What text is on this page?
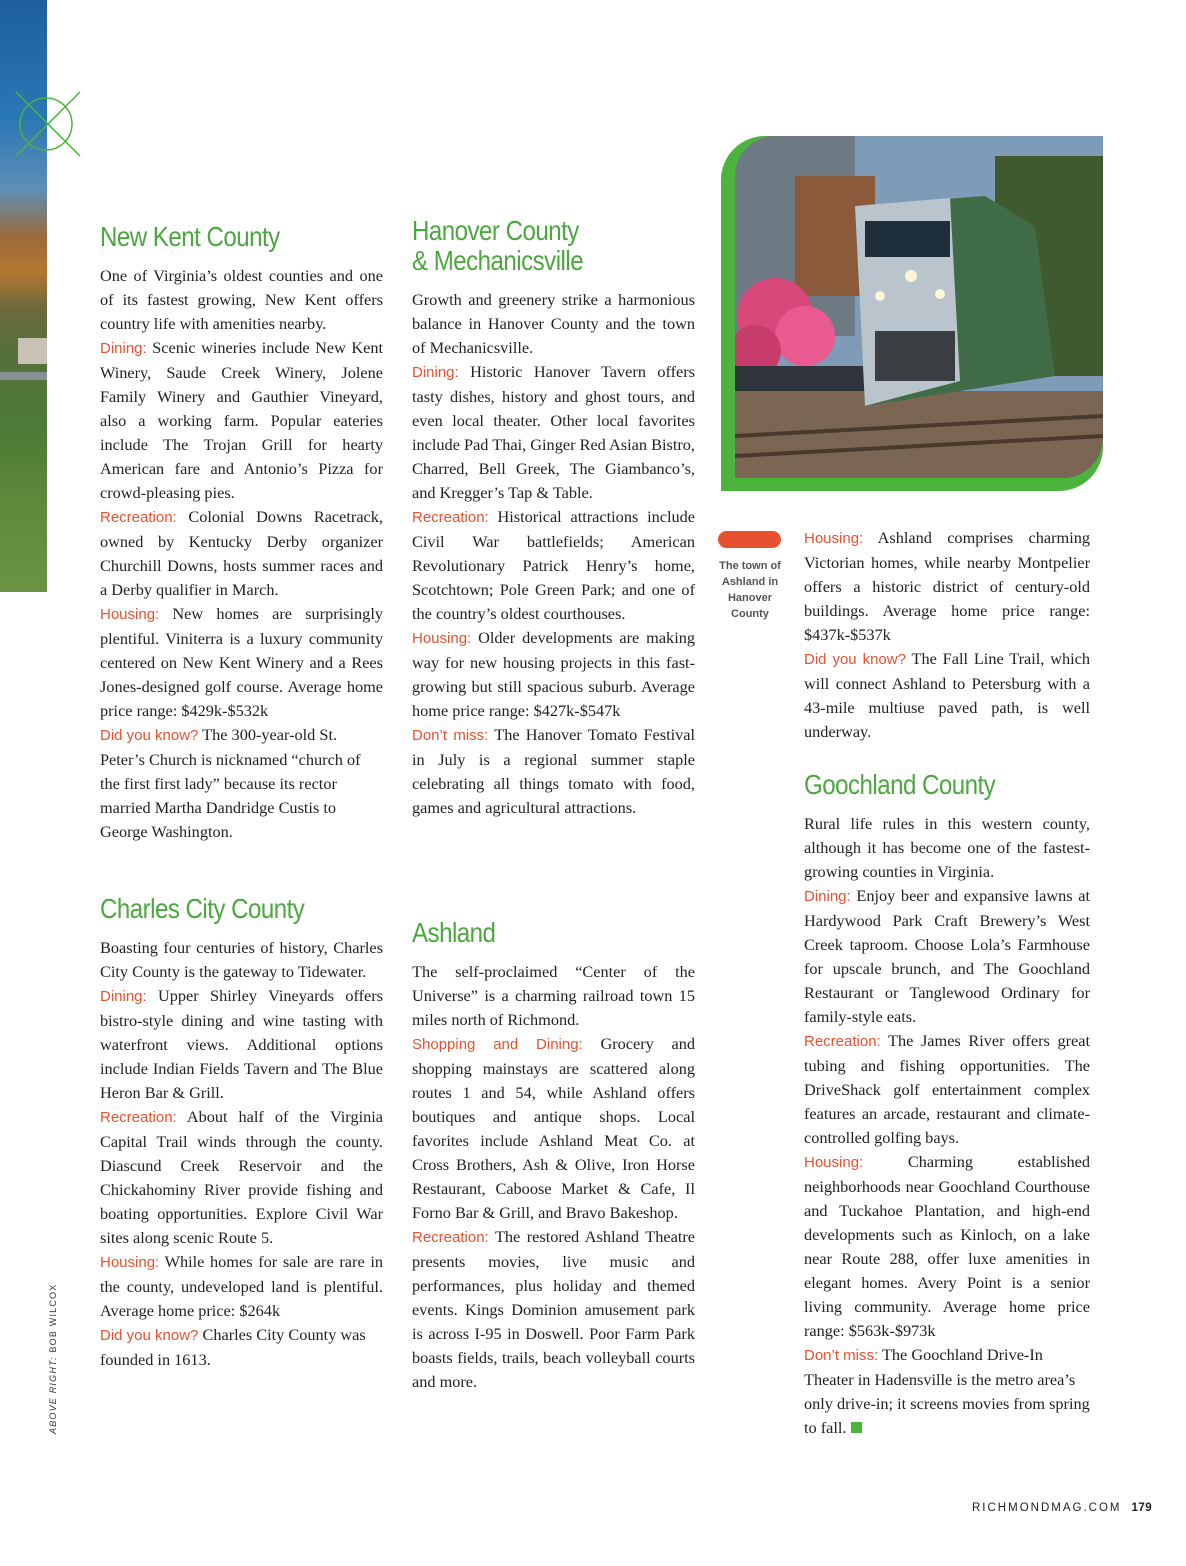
ABOVE RIGHT: BOB WILCOX
New Kent County

One of Virginia’s oldest counties and one of its fastest growing, New Kent offers country life with amenities nearby.

Dining: Scenic wineries include New Kent Winery, Saude Creek Winery, Jolene Family Winery and Gauthier Vineyard, also a working farm. Popular eateries include The Trojan Grill for hearty American fare and Antonio’s Pizza for crowd-pleasing pies.

Recreation: Colonial Downs Racetrack, owned by Kentucky Derby organizer Churchill Downs, hosts summer races and a Derby qualifier in March.

Housing: New homes are surprisingly plentiful. Viniterra is a luxury community centered on New Kent Winery and a Rees Jones-designed golf course. Average home price range: $429k-$532k

Did you know? The 300-year-old St. Peter’s Church is nicknamed “church of the first first lady” because its rector married Martha Dandridge Custis to George Washington.

Charles City County

Boasting four centuries of history, Charles City County is the gateway to Tidewater.

Dining: Upper Shirley Vineyards offers bistro-style dining and wine tasting with waterfront views. Additional options include Indian Fields Tavern and The Blue Heron Bar & Grill.

Recreation: About half of the Virginia Capital Trail winds through the county. Diascund Creek Reservoir and the Chickahominy River provide fishing and boating opportunities. Explore Civil War sites along scenic Route 5.

Housing: While homes for sale are rare in the county, undeveloped land is plentiful. Average home price: $264k

Did you know? Charles City County was founded in 1613.

Hanover County
& Mechanicsville

Growth and greenery strike a harmonious balance in Hanover County and the town of Mechanicsville.

Dining: Historic Hanover Tavern offers tasty dishes, history and ghost tours, and even local theater. Other local favorites include Pad Thai, Ginger Red Asian Bistro, Charred, Bell Greek, The Giambanco’s, and Kregger’s Tap & Table.

Recreation: Historical attractions include Civil War battlefields; American Revolutionary Patrick Henry’s home, Scotchtown; Pole Green Park; and one of the country’s oldest courthouses.

Housing: Older developments are making way for new housing projects in this fast-growing but still spacious suburb. Average home price range: $427k-$547k

Don’t miss: The Hanover Tomato Festival in July is a regional summer staple celebrating all things tomato with food, games and agricultural attractions.

Ashland

The self-proclaimed “Center of the Universe” is a charming railroad town 15 miles north of Richmond.

Shopping and Dining: Grocery and shopping mainstays are scattered along routes 1 and 54, while Ashland offers boutiques and antique shops. Local favorites include Ashland Meat Co. at Cross Brothers, Ash & Olive, Iron Horse Restaurant, Caboose Market & Cafe, Il Forno Bar & Grill, and Bravo Bakeshop.

Recreation: The restored Ashland Theatre presents movies, live music and performances, plus holiday and themed events. Kings Dominion amusement park is across I-95 in Doswell. Poor Farm Park boasts fields, trails, beach volleyball courts and more.

The town of Ashland in Hanover County

Housing: Ashland comprises charming Victorian homes, while nearby Montpelier offers a historic district of century-old buildings. Average home price range: $437k-$537k

Did you know? The Fall Line Trail, which will connect Ashland to Petersburg with a 43-mile multiuse paved path, is well underway.

Goochland County

Rural life rules in this western county, although it has become one of the fastest-growing counties in Virginia.

Dining: Enjoy beer and expansive lawns at Hardywood Park Craft Brewery’s West Creek taproom. Choose Lola’s Farmhouse for upscale brunch, and The Goochland Restaurant or Tanglewood Ordinary for family-style eats.

Recreation: The James River offers great tubing and fishing opportunities. The DriveShack golf entertainment complex features an arcade, restaurant and climate-controlled golfing bays.

Housing:	Charming established neighborhoods near Goochland Courthouse and Tuckahoe Plantation, and high-end developments such as Kinloch, on a lake near Route 288, offer luxe amenities in elegant homes. Avery Point is a senior living community. Average home price range: $563k-$973k

Don’t miss: The Goochland Drive-In Theater in Hadensville is the metro area’s only drive-in; it screens movies from spring to fall.

RICHMONDMAG.COM 179
